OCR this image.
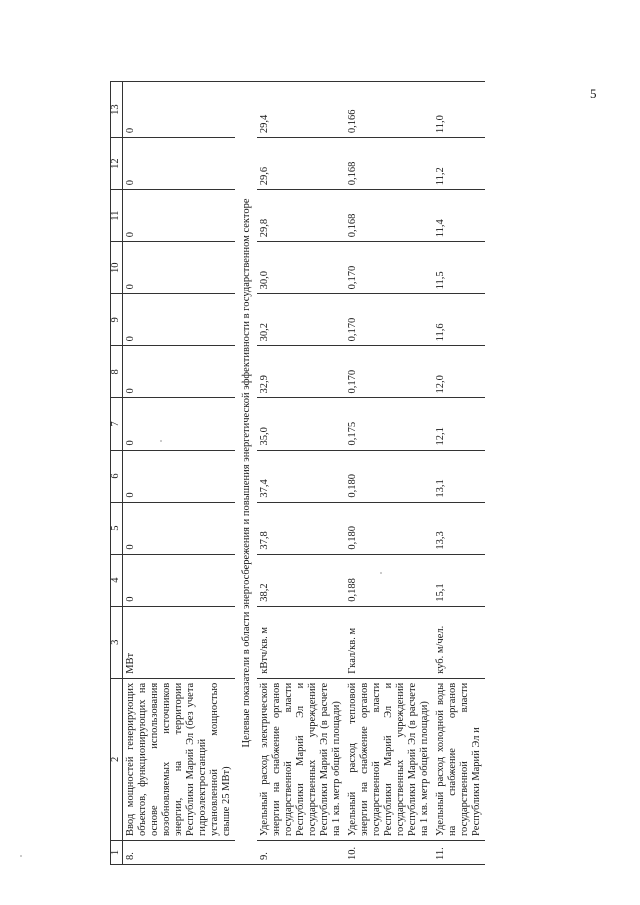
5
1	2	3	4	5	6	7	8	9	10	11	12	13
8.	Ввод мощностей генерирующих объектов, функционирующих на основе использования возобновляемых источников энергии, на территории Республики Марий Эл (без учета гидроэлектростанций установленной мощностью свыше 25 МВт)	МВт	0	0	0	0	0	0	0	0	0	0
Целевые показатели в области энергосбережения и повышения энергетической эффективности в государственном секторе												
9.	Удельный расход электрической энергии на снабжение органов государственной власти Республики Марий Эл и государственных учреждений Республики Марий Эл (в расчете на 1 кв. метр общей площади)	кВтч/кв. м	38,2	37,8	37,4	35,0	32,9	30,2	30,0	29,8	29,6	29,4
10.	Удельный расход тепловой энергии на снабжение органов государственной власти Республики Марий Эл и государственных учреждений Республики Марий Эл (в расчете на 1 кв. метр общей площади)	Гкал/кв. м	0,188	0,180	0,180	0,175	0,170	0,170	0,170	0,168	0,168	0,166
11.	Удельный расход холодной воды на снабжение органов государственной власти Республики Марий Эл и	куб. м/чел.	15,1	13,3	13,1	12,1	12,0	11,6	11,5	11,4	11,2	11,0
